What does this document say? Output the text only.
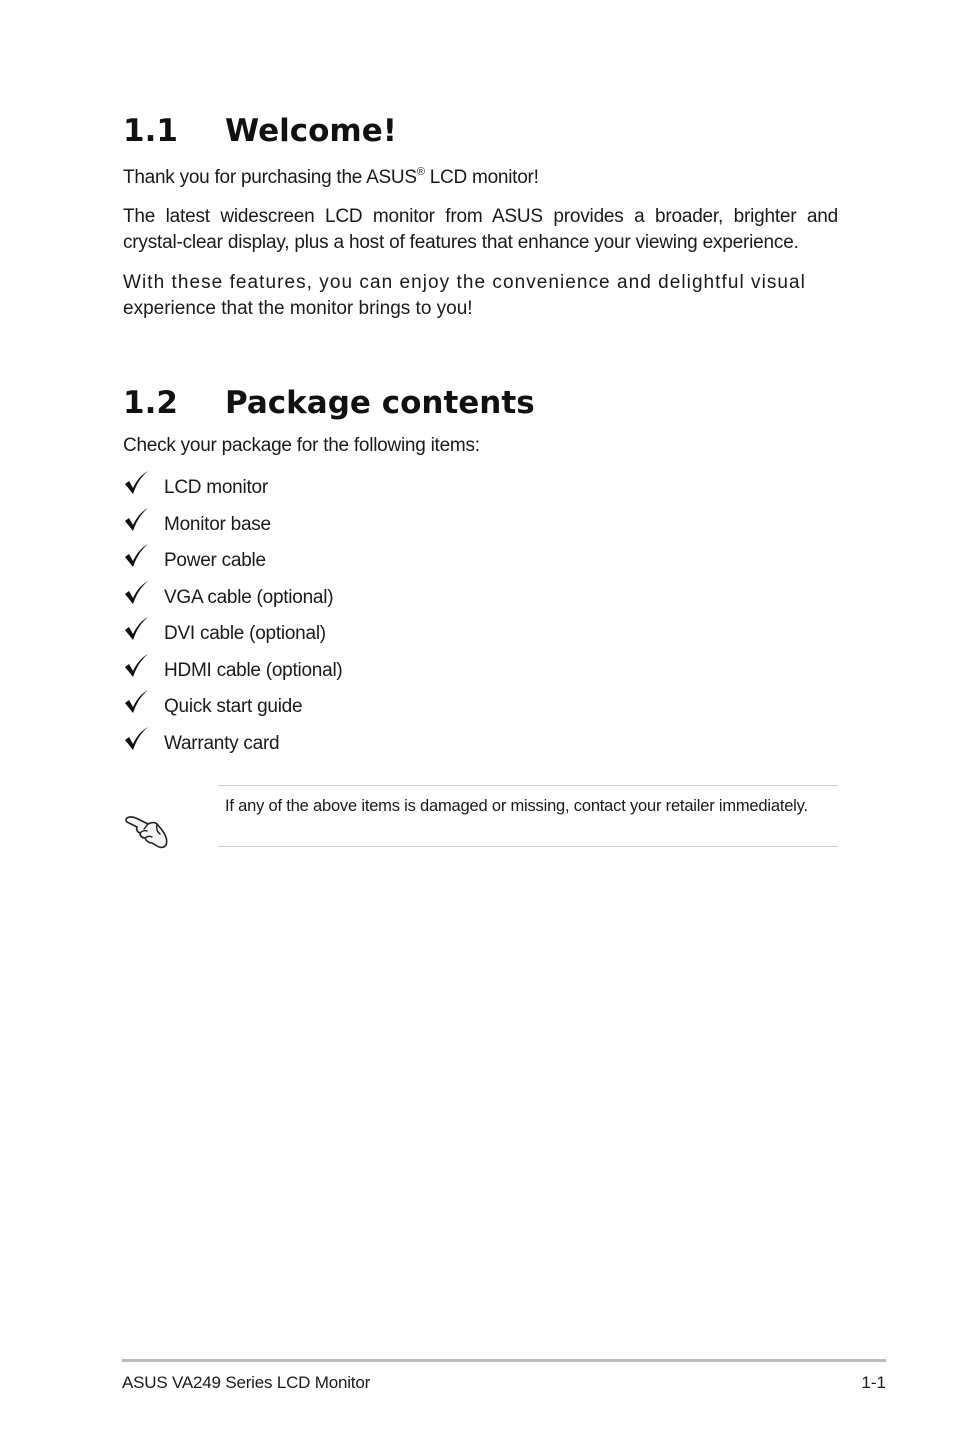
1.1 Welcome!

Thank you for purchasing the ASUS® LCD monitor!

The latest widescreen LCD monitor from ASUS provides a broader, brighter and crystal-clear display, plus a host of features that enhance your viewing experience.

With these features, you can enjoy the convenience and delightful visual
experience that the monitor brings to you!

1.2 Package contents

Check your package for the following items:

LCD monitor
Monitor base
Power cable
VGA cable (optional)
DVI cable (optional)
HDMI cable (optional)
Quick start guide
Warranty card

If any of the above items is damaged or missing, contact your retailer immediately.

ASUS VA249 Series LCD Monitor	1-1
